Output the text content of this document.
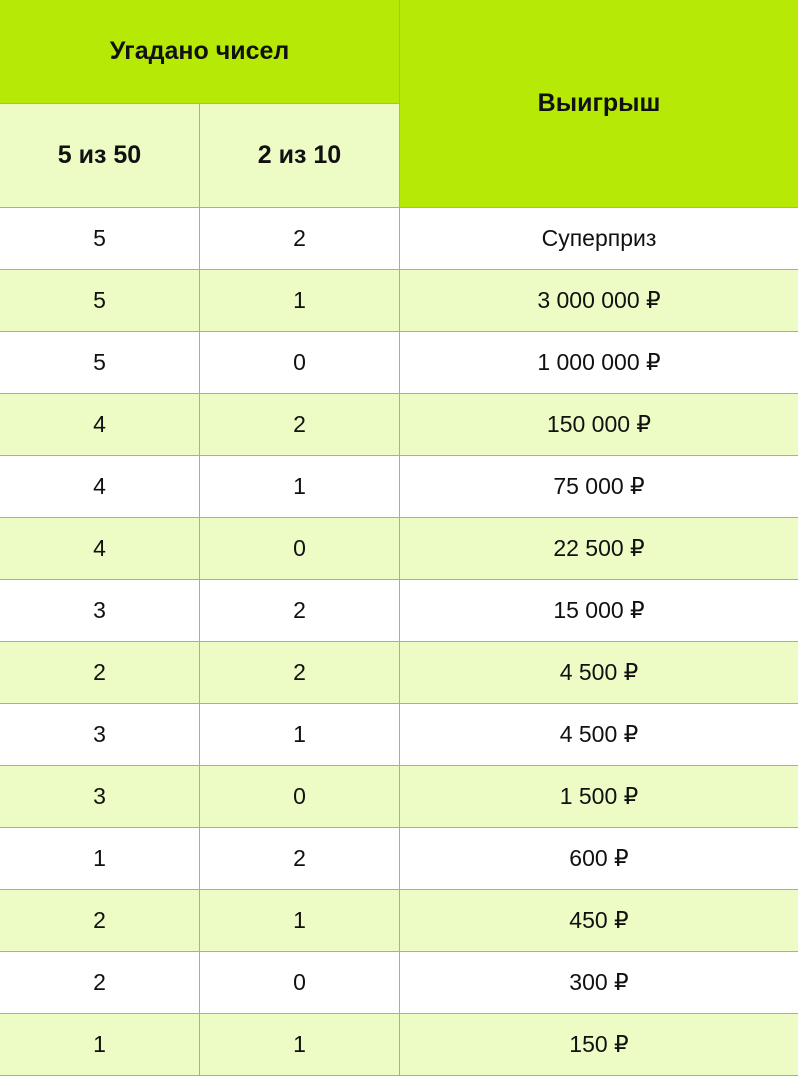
Угадано чисел
Выигрыш
5 из 50	2 из 10
5	2	Суперприз
5	1	3 000 000 ₽
5	0	1 000 000 ₽
4	2	150 000 ₽
4	1	75 000 ₽
4	0	22 500 ₽
3	2	15 000 ₽
2	2	4 500 ₽
3	1	4 500 ₽
3	0	1 500 ₽
1	2	600 ₽
2	1	450 ₽
2	0	300 ₽
1	1	150 ₽
